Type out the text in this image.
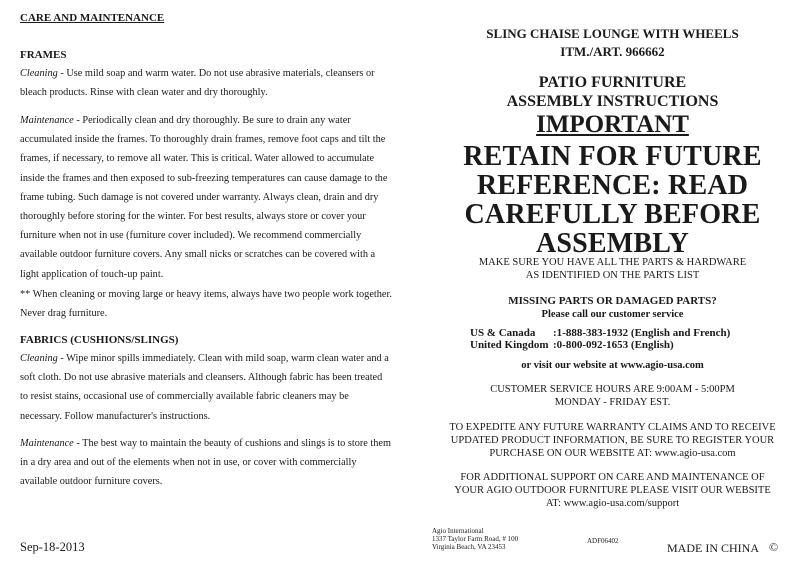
CARE AND MAINTENANCE
FRAMES
Cleaning - Use mild soap and warm water. Do not use abrasive materials, cleansers or bleach products. Rinse with clean water and dry thoroughly.
Maintenance - Periodically clean and dry thoroughly. Be sure to drain any water accumulated inside the frames. To thoroughly drain frames, remove foot caps and tilt the frames, if necessary, to remove all water. This is critical. Water allowed to accumulate inside the frames and then exposed to sub-freezing temperatures can cause damage to the frame tubing. Such damage is not covered under warranty. Always clean, drain and dry thoroughly before storing for the winter. For best results, always store or cover your furniture when not in use (furniture cover included). We recommend commercially available outdoor furniture covers. Any small nicks or scratches can be covered with a light application of touch-up paint.
** When cleaning or moving large or heavy items, always have two people work together. Never drag furniture.
FABRICS (CUSHIONS/SLINGS)
Cleaning - Wipe minor spills immediately. Clean with mild soap, warm clean water and a soft cloth. Do not use abrasive materials and cleansers. Although fabric has been treated to resist stains, occasional use of commercially available fabric cleaners may be necessary. Follow manufacturer's instructions.
Maintenance - The best way to maintain the beauty of cushions and slings is to store them in a dry area and out of the elements when not in use, or cover with commercially available outdoor furniture covers.
Sep-18-2013
SLING CHAISE LOUNGE WITH WHEELS
ITM./ART. 966662
PATIO FURNITURE
ASSEMBLY INSTRUCTIONS
IMPORTANT
RETAIN FOR FUTURE
REFERENCE: READ
CAREFULLY BEFORE
ASSEMBLY
MAKE SURE YOU HAVE ALL THE PARTS & HARDWARE
AS IDENTIFIED ON THE PARTS LIST
MISSING PARTS OR DAMAGED PARTS?
Please call our customer service
US & Canada :1-888-383-1932 (English and French)
United Kingdom :0-800-092-1653 (English)
or visit our website at www.agio-usa.com
CUSTOMER SERVICE HOURS ARE 9:00AM - 5:00PM
MONDAY - FRIDAY EST.
TO EXPEDITE ANY FUTURE WARRANTY CLAIMS AND TO RECEIVE
UPDATED PRODUCT INFORMATION, BE SURE TO REGISTER YOUR
PURCHASE ON OUR WEBSITE AT: www.agio-usa.com
FOR ADDITIONAL SUPPORT ON CARE AND MAINTENANCE OF
YOUR AGIO OUTDOOR FURNITURE PLEASE VISIT OUR WEBSITE
AT: www.agio-usa.com/support
Agio International
1337 Taylor Farm Road, # 100
Virginia Beach, VA 23453
ADF06402	MADE IN CHINA ©
